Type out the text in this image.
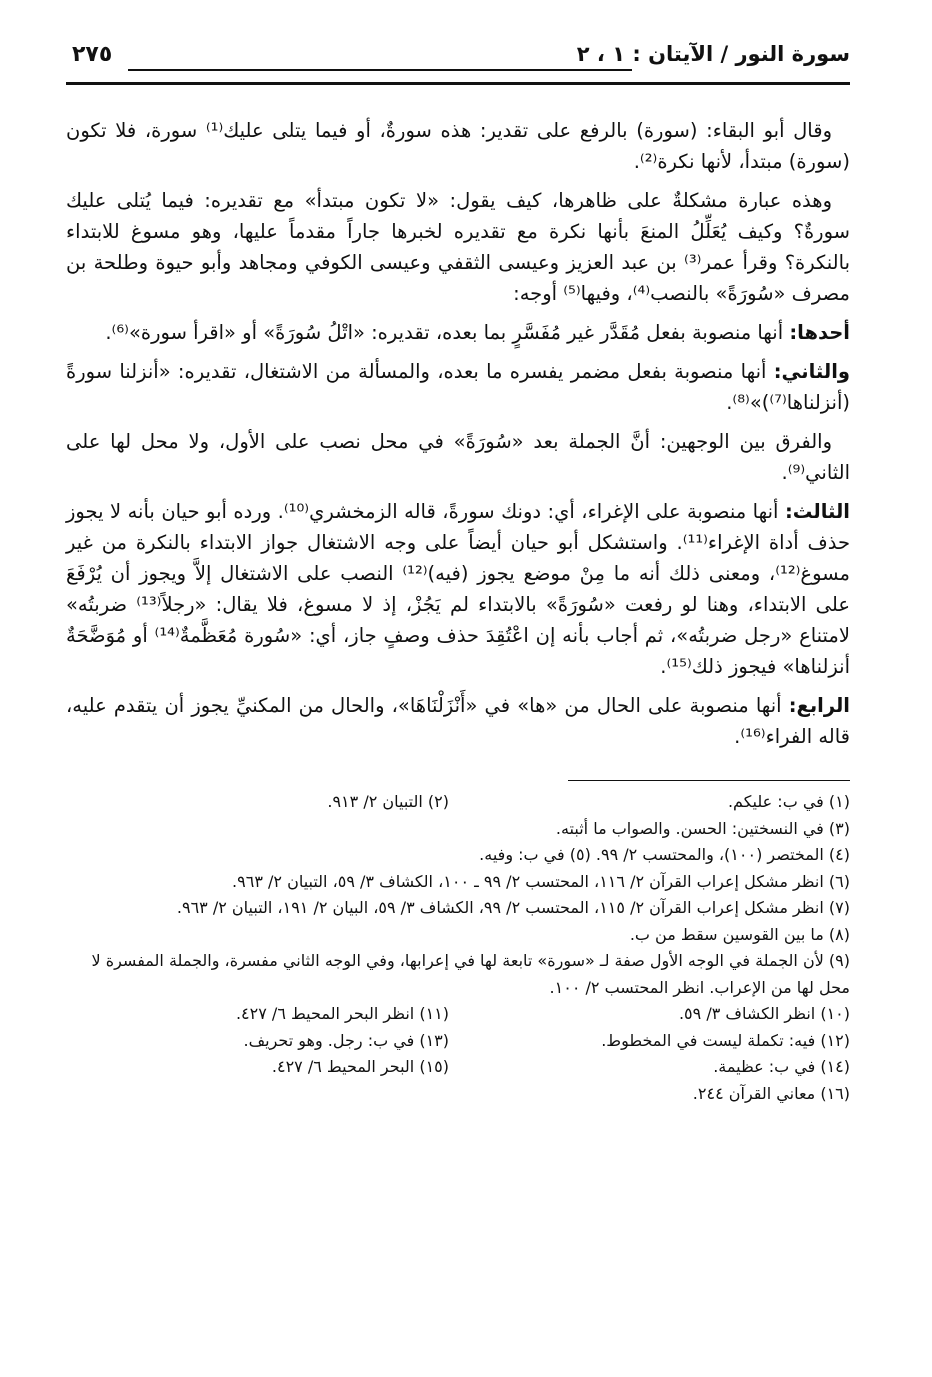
سورة النور / الآيتان : ١ ، ٢
٢٧٥

وقال أبو البقاء: (سورة) بالرفع على تقدير: هذه سورةٌ، أو فيما يتلى عليك⁽¹⁾ سورة، فلا تكون (سورة) مبتدأ، لأنها نكرة⁽²⁾.

وهذه عبارة مشكلةٌ على ظاهرها، كيف يقول: «لا تكون مبتدأ» مع تقديره: فيما يُتلى عليك سورةٌ؟ وكيف يُعَلِّلُ المنعَ بأنها نكرة مع تقديره لخبرها جاراً مقدماً عليها، وهو مسوغ للابتداء بالنكرة؟ وقرأ عمر⁽³⁾ بن عبد العزيز وعيسى الثقفي وعيسى الكوفي ومجاهد وأبو حيوة وطلحة بن مصرف «سُورَةً» بالنصب⁽⁴⁾، وفيها⁽⁵⁾ أوجه:

أحدها: أنها منصوبة بفعل مُقَدَّر غير مُفَسَّرٍ بما بعده، تقديره: «اتْلُ سُورَةً» أو «اقرأ سورة»⁽⁶⁾.

والثاني: أنها منصوبة بفعل مضمر يفسره ما بعده، والمسألة من الاشتغال، تقديره: «أنزلنا سورةً (أنزلناها⁽⁷⁾)»⁽⁸⁾.

والفرق بين الوجهين: أنَّ الجملة بعد «سُورَةً» في محل نصب على الأول، ولا محل لها على الثاني⁽⁹⁾.

الثالث: أنها منصوبة على الإغراء، أي: دونك سورةً، قاله الزمخشري⁽¹⁰⁾. ورده أبو حيان بأنه لا يجوز حذف أداة الإغراء⁽¹¹⁾. واستشكل أبو حيان أيضاً على وجه الاشتغال جواز الابتداء بالنكرة من غير مسوغ⁽¹²⁾، ومعنى ذلك أنه ما مِنْ موضع يجوز (فيه)⁽¹²⁾ النصب على الاشتغال إلاَّ ويجوز أن يُرْفَعَ على الابتداء، وهنا لو رفعت «سُورَةً» بالابتداء لم يَجُزْ، إذ لا مسوغ، فلا يقال: «رجلاً⁽¹³⁾ ضربتُه» لامتناع «رجل ضربتُه»، ثم أجاب بأنه إن اعْتُقِدَ حذف وصفٍ جاز، أي: «سُورة مُعَظَّمةٌ⁽¹⁴⁾ أو مُوَضَّحَةٌ أنزلناها» فيجوز ذلك⁽¹⁵⁾.

الرابع: أنها منصوبة على الحال من «ها» في «أَنْزَلْنَاهَا»، والحال من المكنيِّ يجوز أن يتقدم عليه، قاله الفراء⁽¹⁶⁾.

(١) في ب: عليكم.
(٢) التبيان ٢/ ٩١٣.
(٣) في النسختين: الحسن. والصواب ما أثبته.
(٤) المختصر (١٠٠)، والمحتسب ٢/ ٩٩. (٥) في ب: وفيه.
(٦) انظر مشكل إعراب القرآن ٢/ ١١٦، المحتسب ٢/ ٩٩ ـ ١٠٠، الكشاف ٣/ ٥٩، التبيان ٢/ ٩٦٣.
(٧) انظر مشكل إعراب القرآن ٢/ ١١٥، المحتسب ٢/ ٩٩، الكشاف ٣/ ٥٩، البيان ٢/ ١٩١، التبيان ٢/ ٩٦٣.
(٨) ما بين القوسين سقط من ب.
(٩) لأن الجملة في الوجه الأول صفة لـ «سورة» تابعة لها في إعرابها، وفي الوجه الثاني مفسرة، والجملة المفسرة لا محل لها من الإعراب. انظر المحتسب ٢/ ١٠٠.
(١٠) انظر الكشاف ٣/ ٥٩.
(١١) انظر البحر المحيط ٦/ ٤٢٧.
(١٢) فيه: تكملة ليست في المخطوط.
(١٣) في ب: رجل. وهو تحريف.
(١٤) في ب: عظيمة.
(١٥) البحر المحيط ٦/ ٤٢٧.
(١٦) معاني القرآن ٢٤٤.
